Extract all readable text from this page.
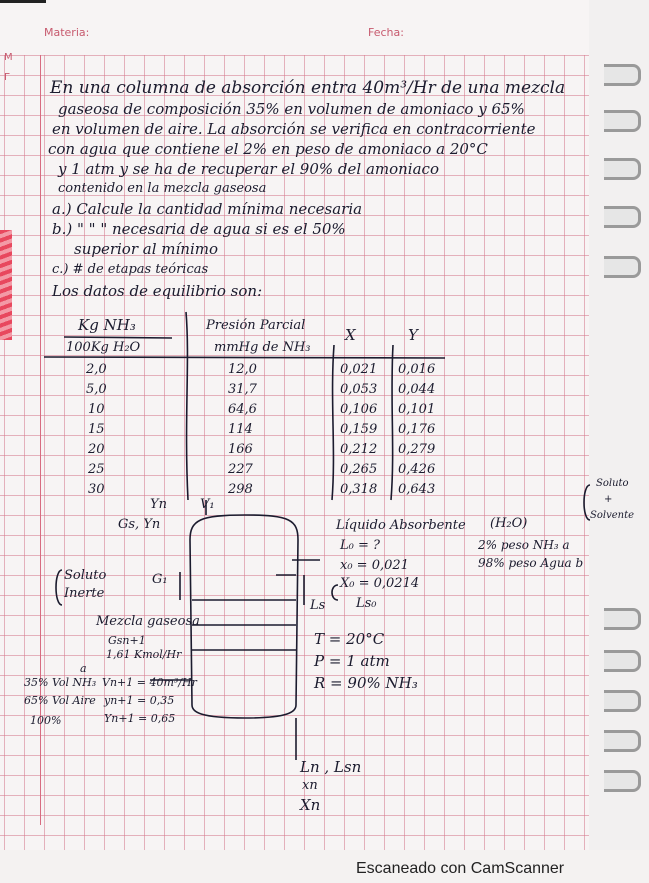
M
Γ
Materia:	Fecha:
En una columna de absorción entra 40m³/Hr de una mezcla
gaseosa de composición 35% en volumen de amoniaco y 65%
en volumen de aire. La absorción se verifica en contracorriente
con agua que contiene el 2% en peso de amoniaco a 20°C
y 1 atm y se ha de recuperar el 90% del amoniaco
contenido en la mezcla gaseosa
a.) Calcule la cantidad mínima necesaria
b.) " " " necesaria de agua si es el 50%
superior al mínimo
c.) # de etapas teóricas
Los datos de equilibrio son:
Kg NH₃
100Kg H₂O
Presión Parcial
mmHg de NH₃
X	Y
2,0	12,0	0,021 0,016
5,0	31,7	0,053 0,044
10	64,6	0,106 0,101
15	114	0,159 0,176
20	166	0,212 0,279
25	227	0,265 0,426
30	298	0,318 0,643
Yn	V₁
Gs, Yn	Líquido Absorbente (H₂O)
Soluto
+
Solvente
2% peso NH₃ a
98% peso Agua b
L₀ = ?
x₀ = 0,021
X₀ = 0,0214
Ls₀
Ls
Soluto
Inerte
G₁
Mezcla gaseosa
Gsn+1
1,61 Kmol/Hr
a
35% Vol NH₃
65% Vol Aire
100%
Vn+1 = 40m³/Hr
yn+1 = 0,35
Yn+1 = 0,65
T = 20°C
P = 1 atm
R = 90% NH₃
Ln , Lsn
xn
Xn
Escaneado con CamScanner
